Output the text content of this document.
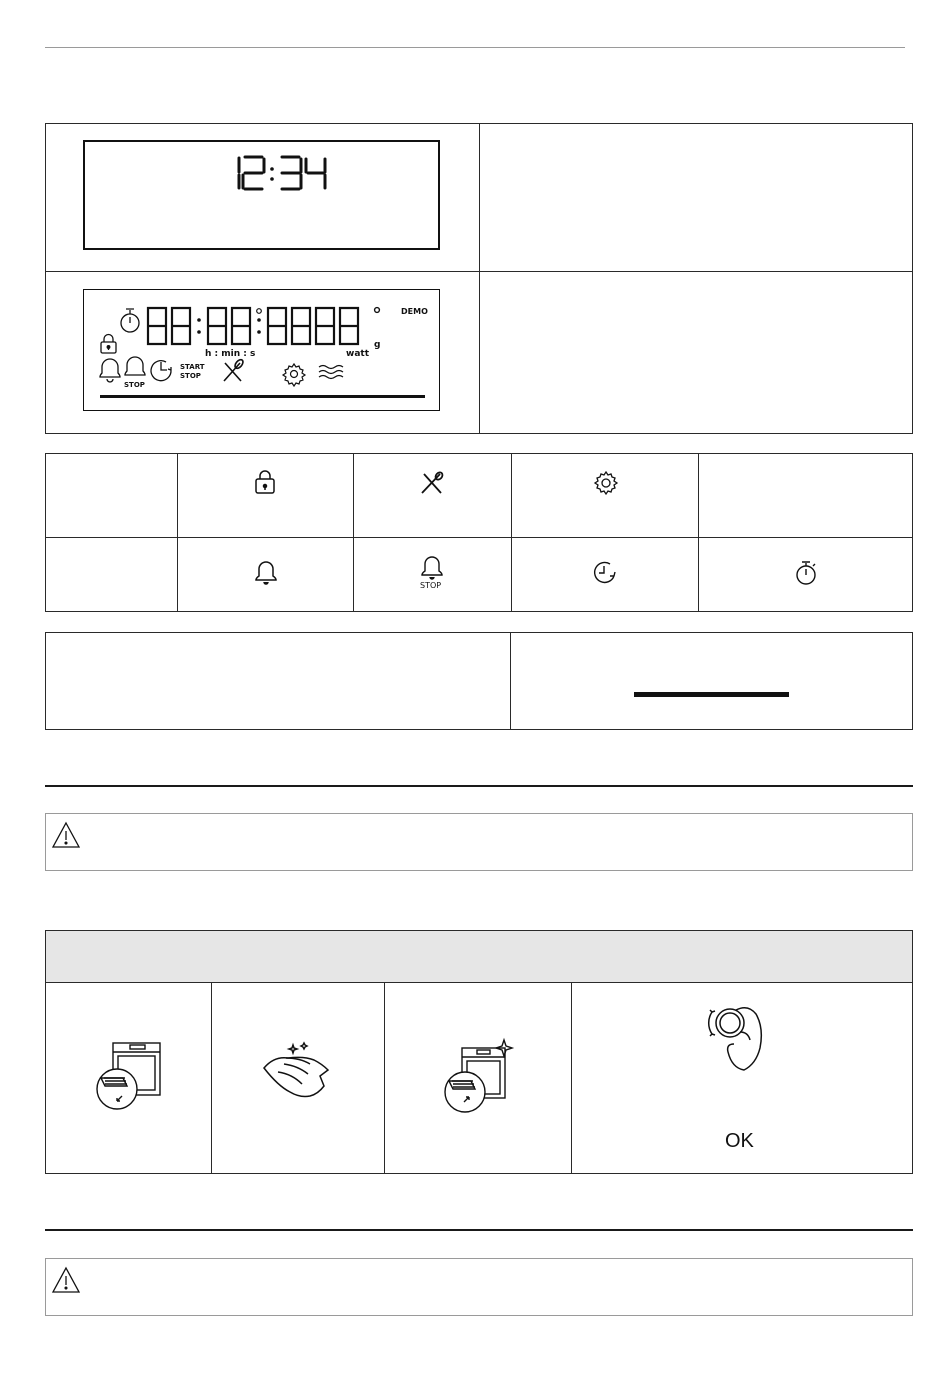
DEMO
h : min : s	watt
g
STOP
START
STOP
STOP
OK
